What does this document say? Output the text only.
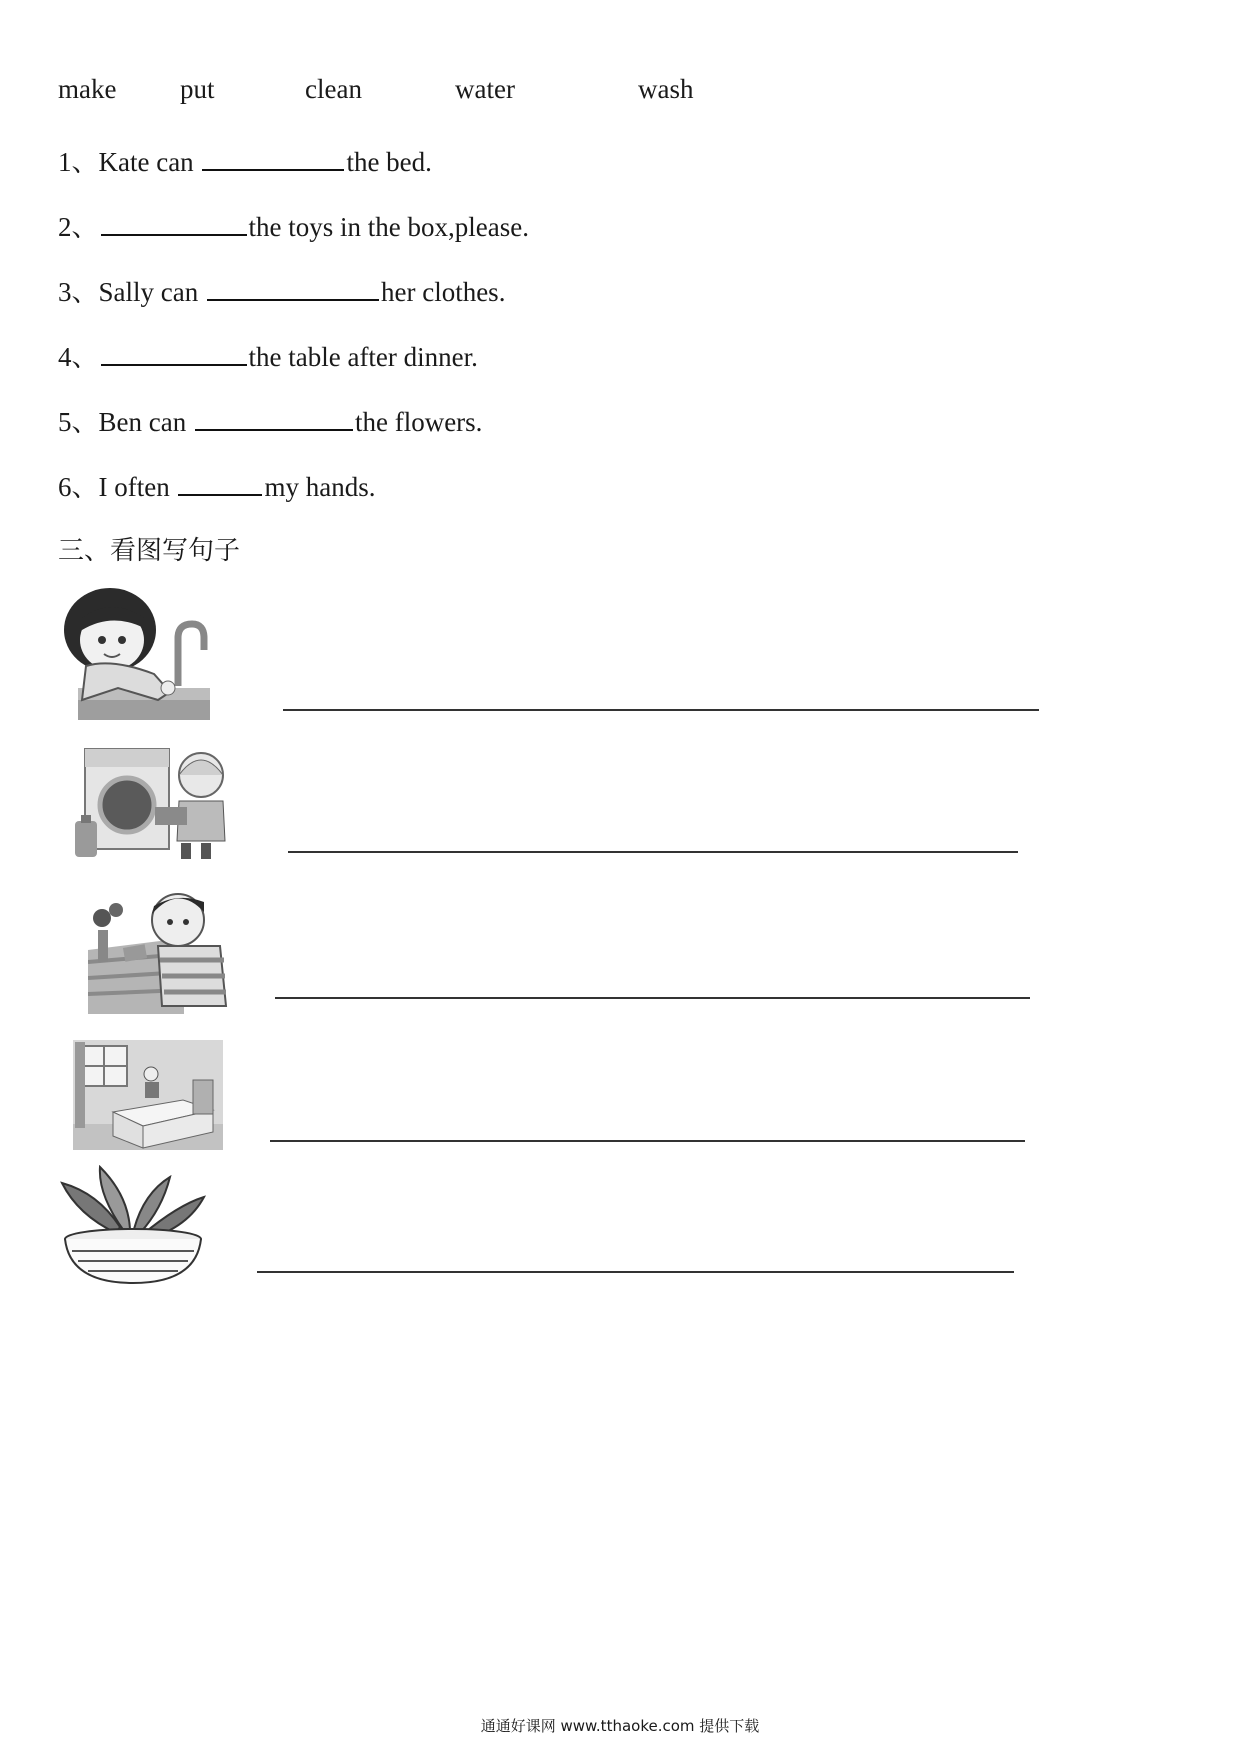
make put	clean	water	wash
1、Kate can	the bed.
2、	the toys in the box,please.
3、Sally can	her clothes.
4、	the table after dinner.
5、Ben can	the flowers.
6、I often	my hands.
三、看图写句子
通通好课网 www.tthaoke.com 提供下载
